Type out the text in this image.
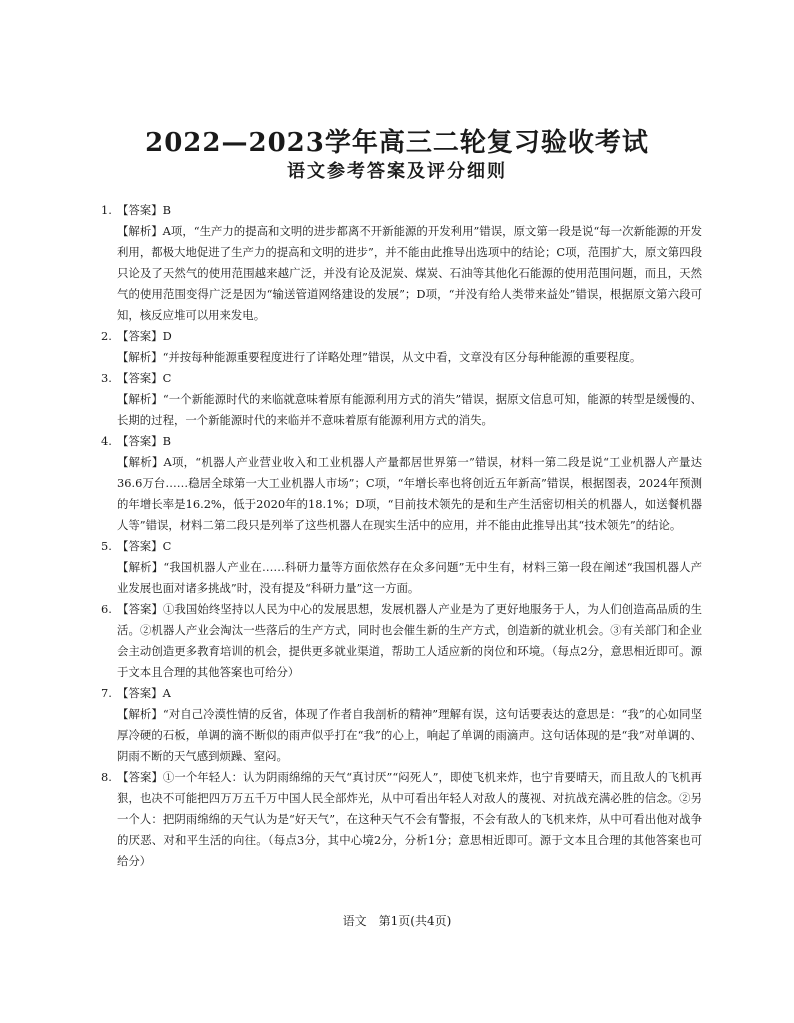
2022—2023学年高三二轮复习验收考试
语文参考答案及评分细则

1. 【答案】B

【解析】A项，“生产力的提高和文明的进步都离不开新能源的开发利用”错误，原文第一段是说“每一次新能源的开发利用，都极大地促进了生产力的提高和文明的进步”，并不能由此推导出选项中的结论；C项，范围扩大，原文第四段只论及了天然气的使用范围越来越广泛，并没有论及泥炭、煤炭、石油等其他化石能源的使用范围问题，而且，天然气的使用范围变得广泛是因为“输送管道网络建设的发展”；D项，“并没有给人类带来益处”错误，根据原文第六段可知，核反应堆可以用来发电。

2. 【答案】D

【解析】“并按每种能源重要程度进行了详略处理”错误，从文中看，文章没有区分每种能源的重要程度。

3. 【答案】C

【解析】“一个新能源时代的来临就意味着原有能源利用方式的消失”错误，据原文信息可知，能源的转型是缓慢的、长期的过程，一个新能源时代的来临并不意味着原有能源利用方式的消失。

4. 【答案】B

【解析】A项，“机器人产业营业收入和工业机器人产量都居世界第一”错误，材料一第二段是说“工业机器人产量达36.6万台……稳居全球第一大工业机器人市场”；C项，“年增长率也将创近五年新高”错误，根据图表，2024年预测的年增长率是16.2%，低于2020年的18.1%；D项，“目前技术领先的是和生产生活密切相关的机器人，如送餐机器人等”错误，材料二第二段只是列举了这些机器人在现实生活中的应用，并不能由此推导出其“技术领先”的结论。

5. 【答案】C

【解析】“我国机器人产业在……科研力量等方面依然存在众多问题”无中生有，材料三第一段在阐述“我国机器人产业发展也面对诸多挑战”时，没有提及“科研力量”这一方面。

6. 【答案】①我国始终坚持以人民为中心的发展思想，发展机器人产业是为了更好地服务于人，为人们创造高品质的生活。②机器人产业会淘汰一些落后的生产方式，同时也会催生新的生产方式，创造新的就业机会。③有关部门和企业会主动创造更多教育培训的机会，提供更多就业渠道，帮助工人适应新的岗位和环境。（每点2分，意思相近即可。源于文本且合理的其他答案也可给分）

7. 【答案】A

【解析】“对自己冷漠性情的反省，体现了作者自我剖析的精神”理解有误，这句话要表达的意思是：“我”的心如同坚厚冷硬的石板，单调的滴不断似的雨声似乎打在“我”的心上，响起了单调的雨滴声。这句话体现的是“我”对单调的、阴雨不断的天气感到烦躁、窒闷。

8. 【答案】①一个年轻人：认为阴雨绵绵的天气“真讨厌”“闷死人”，即使飞机来炸，也宁肯要晴天，而且敌人的飞机再狠，也决不可能把四万万五千万中国人民全部炸光，从中可看出年轻人对敌人的蔑视、对抗战充满必胜的信念。②另一个人：把阴雨绵绵的天气认为是“好天气”，在这种天气不会有警报，不会有敌人的飞机来炸，从中可看出他对战争的厌恶、对和平生活的向往。（每点3分，其中心境2分，分析1分；意思相近即可。源于文本且合理的其他答案也可给分）

语文　第1页(共4页)
